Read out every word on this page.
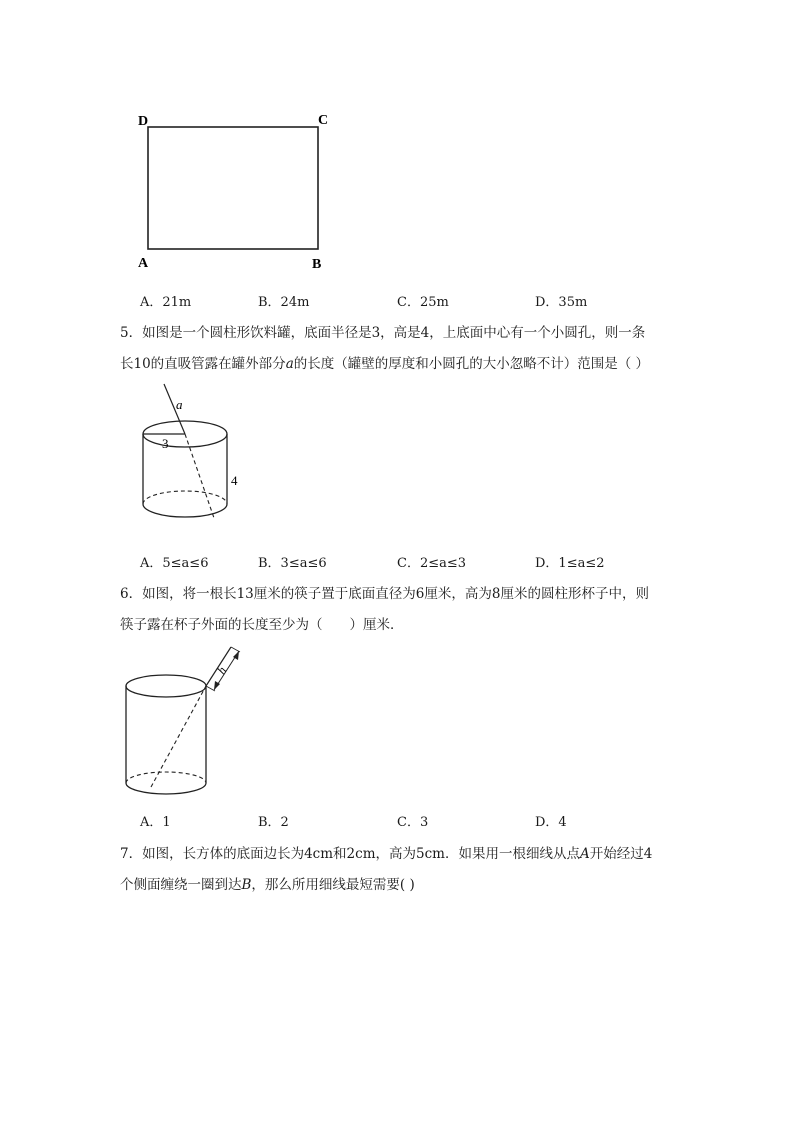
D	C
A	B
A．21m	B．24m	C．25m	D．35m
5．如图是一个圆柱形饮料罐，底面半径是3，高是4，上底面中心有一个小圆孔，则一条
长10的直吸管露在罐外部分a的长度（罐壁的厚度和小圆孔的大小忽略不计）范围是（ ）
a
3
4
A．5≤a≤6	B．3≤a≤6	C．2≤a≤3	D．1≤a≤2
6．如图，将一根长13厘米的筷子置于底面直径为6厘米，高为8厘米的圆柱形杯子中，则
筷子露在杯子外面的长度至少为（　　）厘米．
h
A．1	B．2	C．3	D．4
7．如图，长方体的底面边长为4cm和2cm，高为5cm．如果用一根细线从点A开始经过4
个侧面缠绕一圈到达B，那么所用细线最短需要( )
